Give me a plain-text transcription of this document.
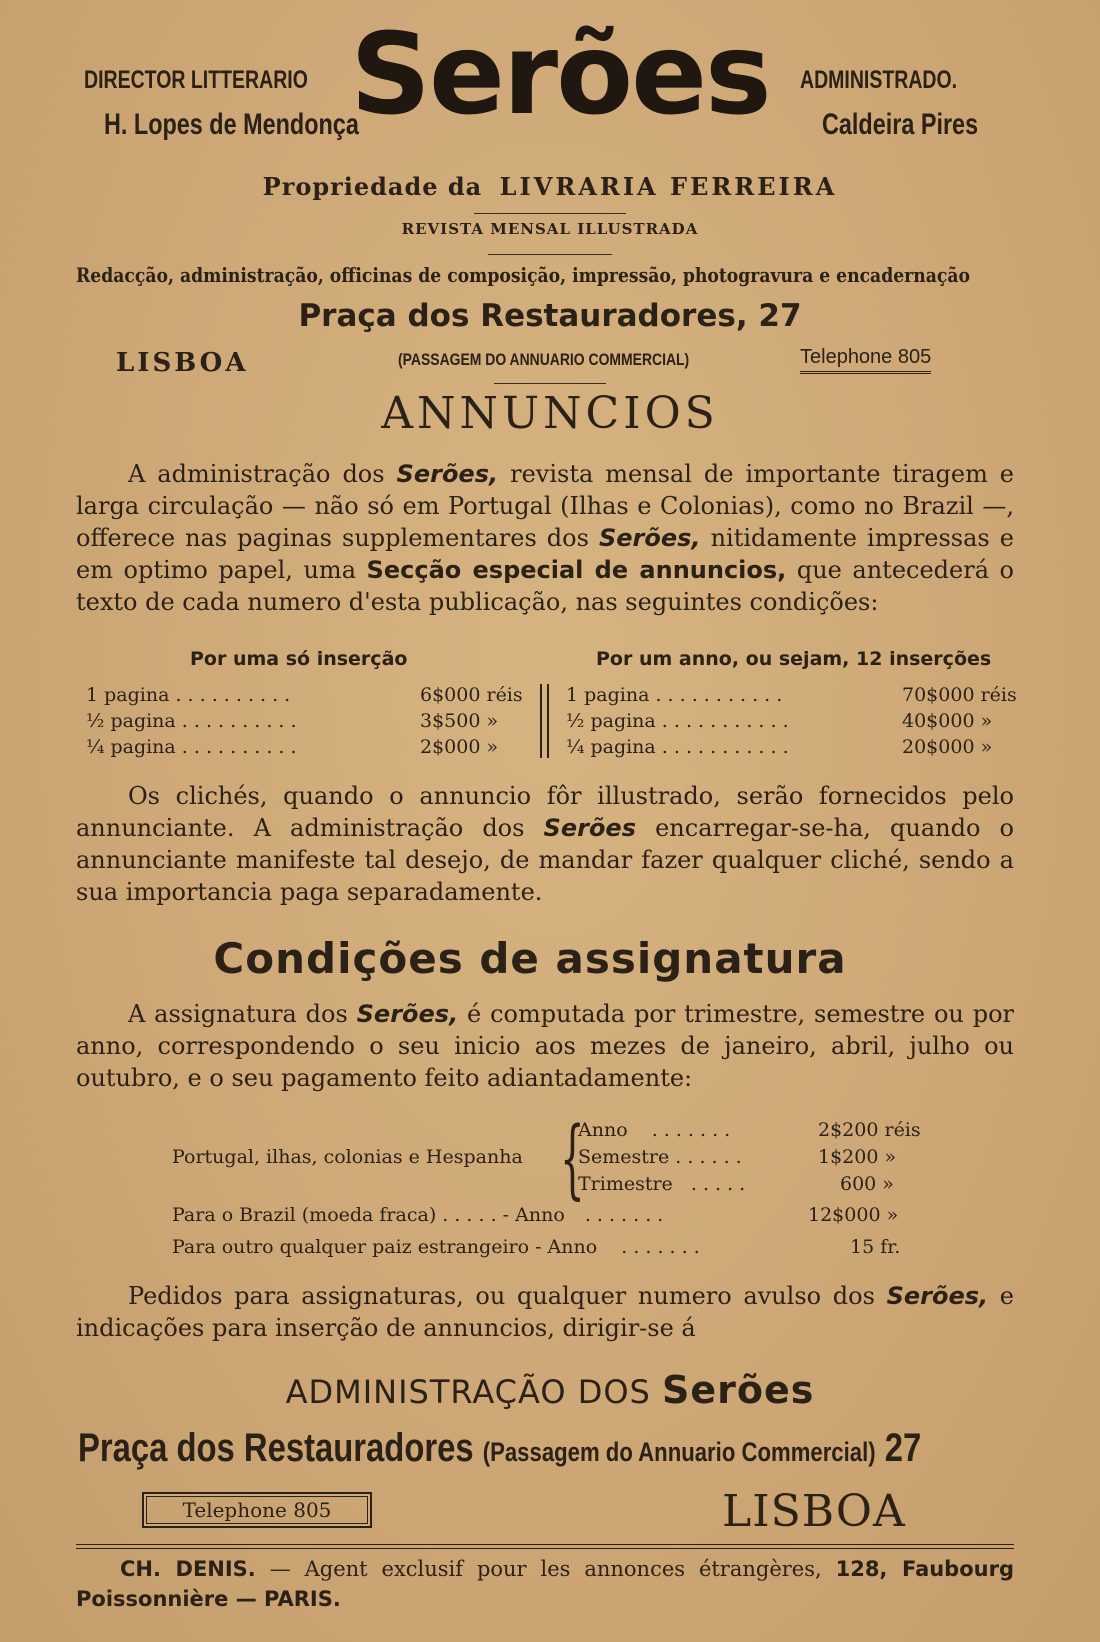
DIRECTOR LITTERARIO
H. Lopes de Mendonça
Serões ADMINISTRADO.
Caldeira Pires
Propriedade da LIVRARIA FERREIRA
REVISTA MENSAL ILLUSTRADA
Redacção, administração, officinas de composição, impressão, photogravura e encadernação
Praça dos Restauradores, 27
LISBOA	(PASSAGEM DO ANNUARIO COMMERCIAL)	Telephone 805
ANNUNCIOS
A administração dos Serões, revista mensal de importante tiragem e larga circulação — não só em Portugal (Ilhas e Colonias), como no Brazil —, offerece nas paginas supplementares dos Serões, nitidamente impressas e em optimo papel, uma Secção especial de annuncios, que antecederá o texto de cada numero d'esta publicação, nas seguintes condições:
Por uma só inserção	Por um anno, ou sejam, 12 inserções
1 pagina . . . . . . . . . .	6$000 réis
½ pagina . . . . . . . . . .	3$500 »
¼ pagina . . . . . . . . . .	2$000 »
1 pagina . . . . . . . . . . .	70$000 réis
½ pagina . . . . . . . . . . .	40$000 »
¼ pagina . . . . . . . . . . .	20$000 »
Os clichés, quando o annuncio fôr illustrado, serão fornecidos pelo annunciante. A administração dos Serões encarregar-se-ha, quando o annunciante manifeste tal desejo, de mandar fazer qualquer cliché, sendo a sua importancia paga separadamente.
Condições de assignatura
A assignatura dos Serões, é computada por trimestre, semestre ou por anno, correspondendo o seu inicio aos mezes de janeiro, abril, julho ou outubro, e o seu pagamento feito adiantadamente:
Portugal, ilhas, colonias e Hespanha {
Anno . . . . . . .	2$200 réis
Semestre . . . . . .	1$200 »
Trimestre . . . . .	600 »
Para o Brazil (moeda fraca) . . . . . - Anno . . . . . . .	12$000 »
Para outro qualquer paiz estrangeiro - Anno . . . . . . .	15 fr.
Pedidos para assignaturas, ou qualquer numero avulso dos Serões, e indicações para inserção de annuncios, dirigir-se á
ADMINISTRAÇÃO DOS Serões
Praça dos Restauradores (Passagem do Annuario Commercial) 27
Telephone 805	LISBOA
CH. DENIS. — Agent exclusif pour les annonces étrangères, 128, Faubourg Poissonnière — PARIS.
